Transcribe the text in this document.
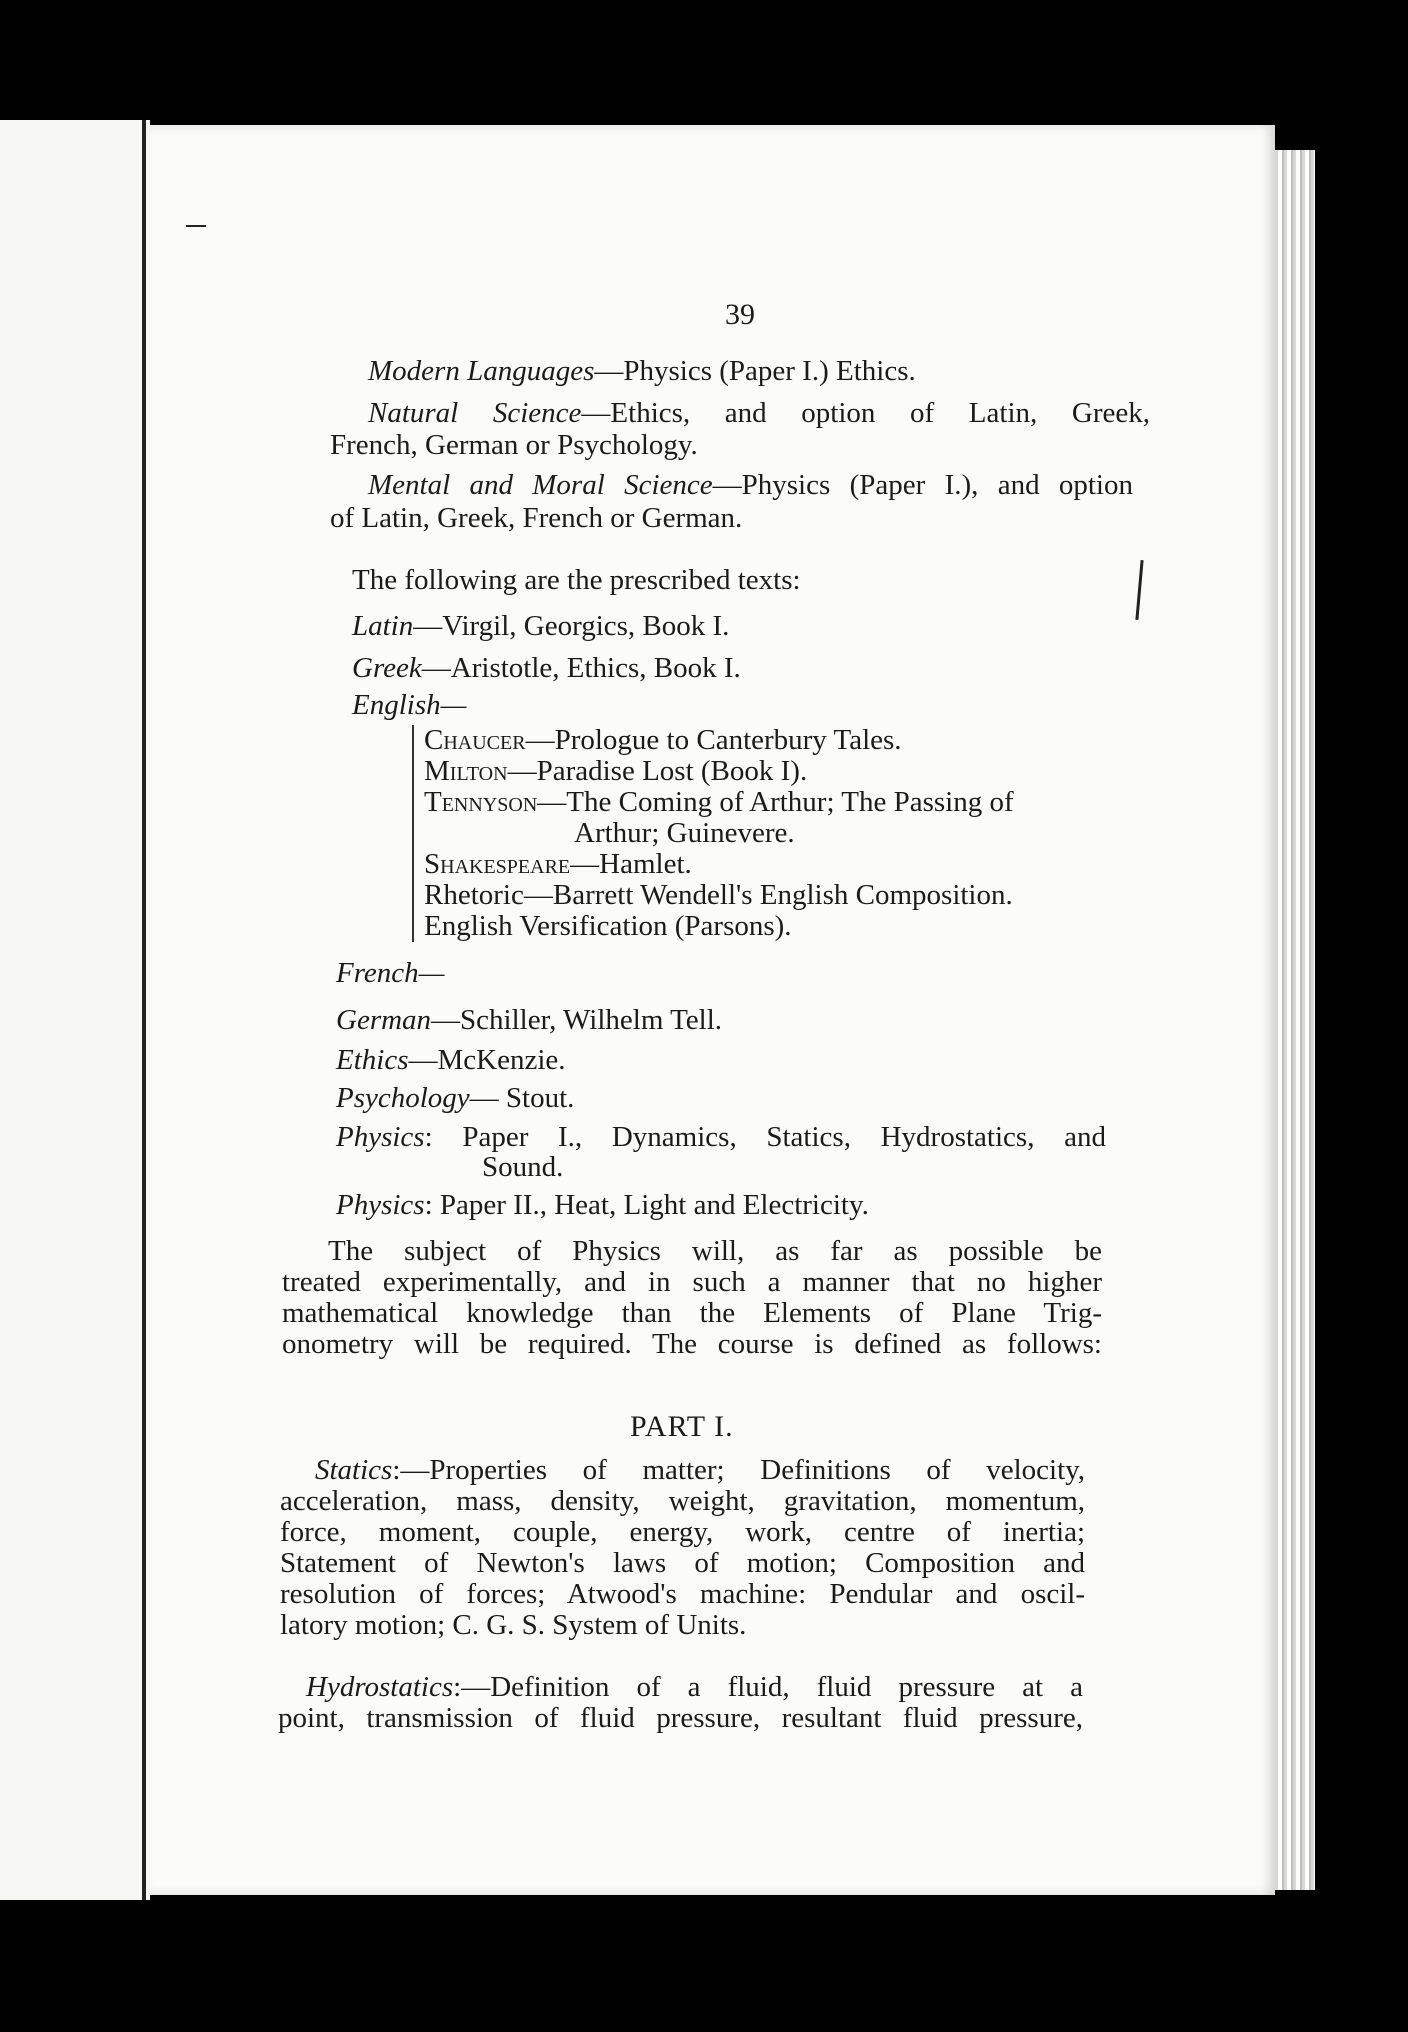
39
Modern Languages—Physics (Paper I.) Ethics.
Natural Science—Ethics, and option of Latin, Greek,
French, German or Psychology.
Mental and Moral Science—Physics (Paper I.), and option
of Latin, Greek, French or German.
The following are the prescribed texts:
Latin—Virgil, Georgics, Book I.
Greek—Aristotle, Ethics, Book I.
English—
Chaucer—Prologue to Canterbury Tales.
Milton—Paradise Lost (Book I).
Tennyson—The Coming of Arthur; The Passing of
Arthur; Guinevere.
Shakespeare—Hamlet.
Rhetoric—Barrett Wendell's English Composition.
English Versification (Parsons).
French—
German—Schiller, Wilhelm Tell.
Ethics—McKenzie.
Psychology— Stout.
Physics: Paper I., Dynamics, Statics, Hydrostatics, and
Sound.
Physics: Paper II., Heat, Light and Electricity.
The subject of Physics will, as far as possible be
treated experimentally, and in such a manner that no higher
mathematical knowledge than the Elements of Plane Trig-
onometry will be required. The course is defined as follows:
PART I.
Statics:—Properties of matter; Definitions of velocity,
acceleration, mass, density, weight, gravitation, momentum,
force, moment, couple, energy, work, centre of inertia;
Statement of Newton's laws of motion; Composition and
resolution of forces; Atwood's machine: Pendular and oscil-
latory motion; C. G. S. System of Units.
Hydrostatics:—Definition of a fluid, fluid pressure at a
point, transmission of fluid pressure, resultant fluid pressure,
